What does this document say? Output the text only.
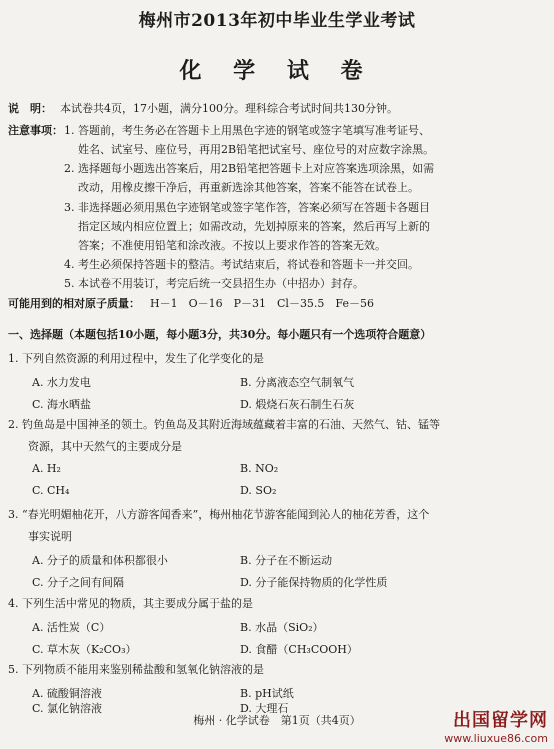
梅州市2013年初中毕业生学业考试
化 学 试 卷
说　明： 本试卷共4页，17小题，满分100分。理科综合考试时间共130分钟。
注意事项： 1. 答题前，考生务必在答题卡上用黑色字迹的钢笔或签字笔填写准考证号、
姓名、试室号、座位号，再用2B铅笔把试室号、座位号的对应数字涂黑。
2. 选择题每小题选出答案后，用2B铅笔把答题卡上对应答案选项涂黑，如需
改动，用橡皮擦干净后，再重新选涂其他答案，答案不能答在试卷上。
3. 非选择题必须用黑色字迹钢笔或签字笔作答，答案必须写在答题卡各题目
指定区域内相应位置上；如需改动，先划掉原来的答案，然后再写上新的
答案；不准使用铅笔和涂改液。不按以上要求作答的答案无效。
4. 考生必须保持答题卡的整洁。考试结束后，将试卷和答题卡一并交回。
5. 本试卷不用装订，考完后统一交县招生办（中招办）封存。
可能用到的相对原子质量： H－1　O－16　P－31　Cl－35.5　Fe－56
一、选择题（本题包括10小题，每小题3分，共30分。每小题只有一个选项符合题意）
1. 下列自然资源的利用过程中，发生了化学变化的是
A. 水力发电	B. 分离液态空气制氧气
C. 海水晒盐	D. 煅烧石灰石制生石灰
2. 钓鱼岛是中国神圣的领土。钓鱼岛及其附近海域蕴藏着丰富的石油、天然气、钴、锰等
资源，其中天然气的主要成分是
A. H₂	B. NO₂
C. CH₄	D. SO₂
3. “春光明媚柚花开，八方游客闻香来”，梅州柚花节游客能闻到沁人的柚花芳香，这个
事实说明
A. 分子的质量和体积都很小	B. 分子在不断运动
C. 分子之间有间隔	D. 分子能保持物质的化学性质
4. 下列生活中常见的物质，其主要成分属于盐的是
A. 活性炭（C）	B. 水晶（SiO₂）
C. 草木灰（K₂CO₃）	D. 食醋（CH₃COOH）
5. 下列物质不能用来鉴别稀盐酸和氢氧化钠溶液的是
A. 硫酸铜溶液	B. pH试纸
C. 氯化钠溶液	D. 大理石
梅州 · 化学试卷　第1页（共4页）	出国留学网
www.liuxue86.com
